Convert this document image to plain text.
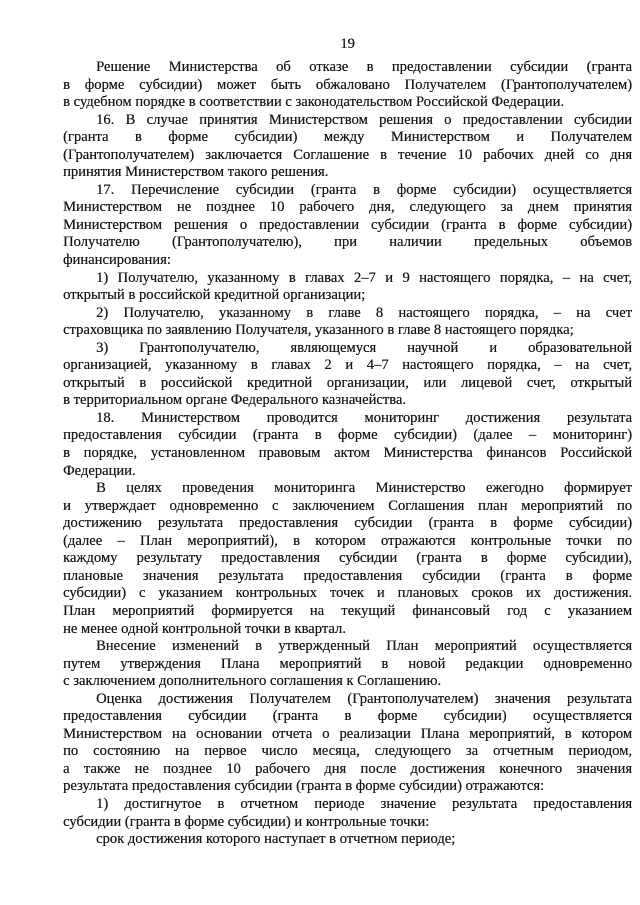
19
Решение Министерства об отказе в предоставлении субсидии (гранта
в форме субсидии) может быть обжаловано Получателем (Грантополучателем)
в судебном порядке в соответствии с законодательством Российской Федерации.
16. В случае принятия Министерством решения о предоставлении субсидии
(гранта в форме субсидии) между Министерством и Получателем
(Грантополучателем) заключается Соглашение в течение 10 рабочих дней со дня
принятия Министерством такого решения.
17. Перечисление субсидии (гранта в форме субсидии) осуществляется
Министерством не позднее 10 рабочего дня, следующего за днем принятия
Министерством решения о предоставлении субсидии (гранта в форме субсидии)
Получателю (Грантополучателю), при наличии предельных объемов
финансирования:
1) Получателю, указанному в главах 2–7 и 9 настоящего порядка, – на счет,
открытый в российской кредитной организации;
2) Получателю, указанному в главе 8 настоящего порядка, – на счет
страховщика по заявлению Получателя, указанного в главе 8 настоящего порядка;
3) Грантополучателю, являющемуся научной и образовательной
организацией, указанному в главах 2 и 4–7 настоящего порядка, – на счет,
открытый в российской кредитной организации, или лицевой счет, открытый
в территориальном органе Федерального казначейства.
18. Министерством проводится мониторинг достижения результата
предоставления субсидии (гранта в форме субсидии) (далее – мониторинг)
в порядке, установленном правовым актом Министерства финансов Российской
Федерации.
В целях проведения мониторинга Министерство ежегодно формирует
и утверждает одновременно с заключением Соглашения план мероприятий по
достижению результата предоставления субсидии (гранта в форме субсидии)
(далее – План мероприятий), в котором отражаются контрольные точки по
каждому результату предоставления субсидии (гранта в форме субсидии),
плановые значения результата предоставления субсидии (гранта в форме
субсидии) с указанием контрольных точек и плановых сроков их достижения.
План мероприятий формируется на текущий финансовый год с указанием
не менее одной контрольной точки в квартал.
Внесение изменений в утвержденный План мероприятий осуществляется
путем утверждения Плана мероприятий в новой редакции одновременно
с заключением дополнительного соглашения к Соглашению.
Оценка достижения Получателем (Грантополучателем) значения результата
предоставления субсидии (гранта в форме субсидии) осуществляется
Министерством на основании отчета о реализации Плана мероприятий, в котором
по состоянию на первое число месяца, следующего за отчетным периодом,
а также не позднее 10 рабочего дня после достижения конечного значения
результата предоставления субсидии (гранта в форме субсидии) отражаются:
1) достигнутое в отчетном периоде значение результата предоставления
субсидии (гранта в форме субсидии) и контрольные точки:
срок достижения которого наступает в отчетном периоде;
